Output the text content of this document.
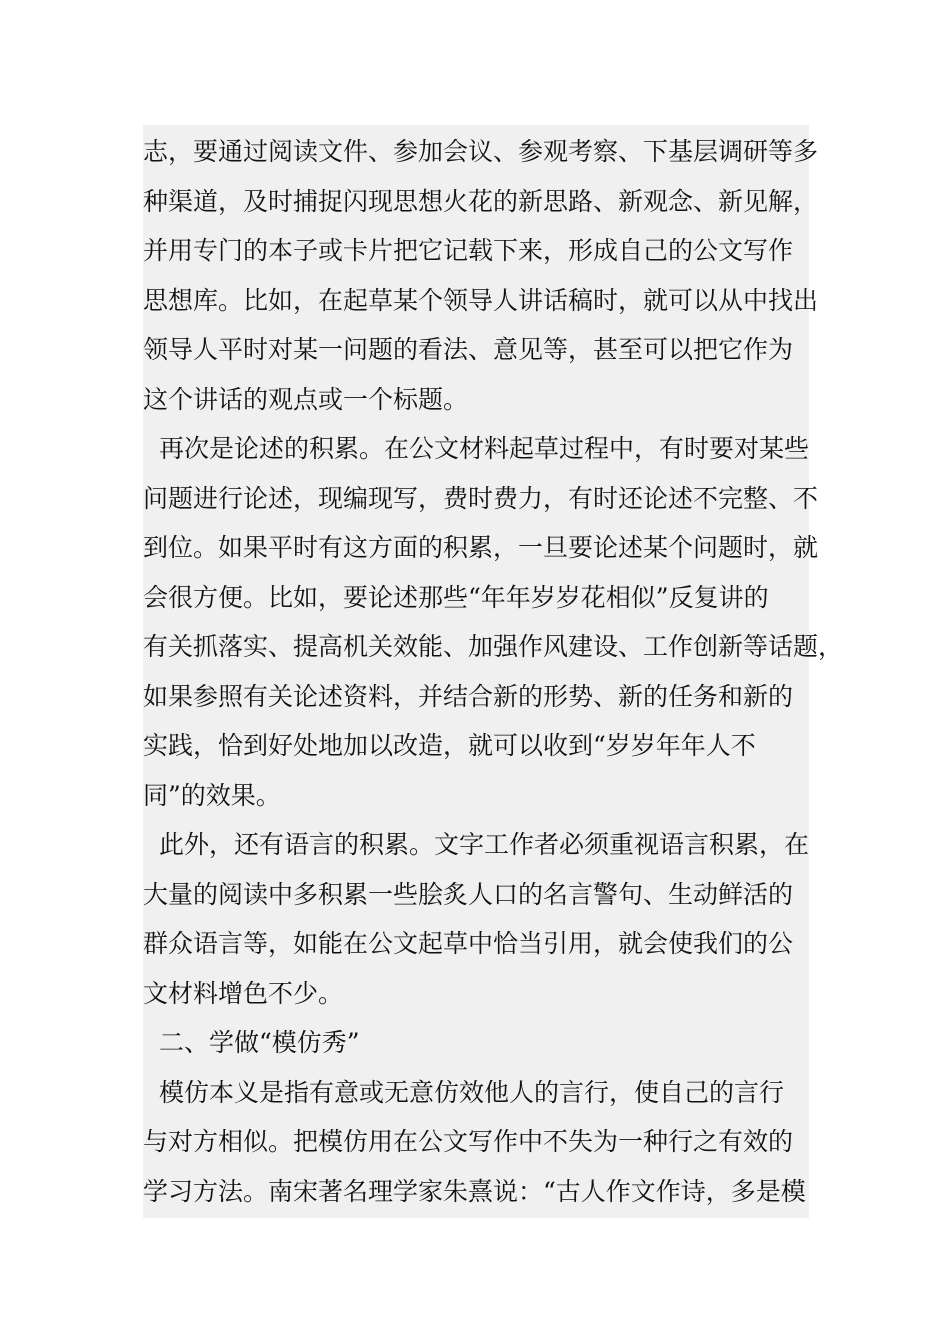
志，要通过阅读文件、参加会议、参观考察、下基层调研等多
种渠道，及时捕捉闪现思想火花的新思路、新观念、新见解，
并用专门的本子或卡片把它记载下来，形成自己的公文写作
思想库。比如，在起草某个领导人讲话稿时，就可以从中找出
领导人平时对某一问题的看法、意见等，甚至可以把它作为
这个讲话的观点或一个标题。
再次是论述的积累。在公文材料起草过程中，有时要对某些
问题进行论述，现编现写，费时费力，有时还论述不完整、不
到位。如果平时有这方面的积累，一旦要论述某个问题时，就
会很方便。比如，要论述那些“年年岁岁花相似”反复讲的
有关抓落实、提高机关效能、加强作风建设、工作创新等话题，
如果参照有关论述资料，并结合新的形势、新的任务和新的
实践，恰到好处地加以改造，就可以收到“岁岁年年人不
同”的效果。
此外，还有语言的积累。文字工作者必须重视语言积累，在
大量的阅读中多积累一些脍炙人口的名言警句、生动鲜活的
群众语言等，如能在公文起草中恰当引用，就会使我们的公
文材料增色不少。
二、学做“模仿秀”
模仿本义是指有意或无意仿效他人的言行，使自己的言行
与对方相似。把模仿用在公文写作中不失为一种行之有效的
学习方法。南宋著名理学家朱熹说：“古人作文作诗，多是模
